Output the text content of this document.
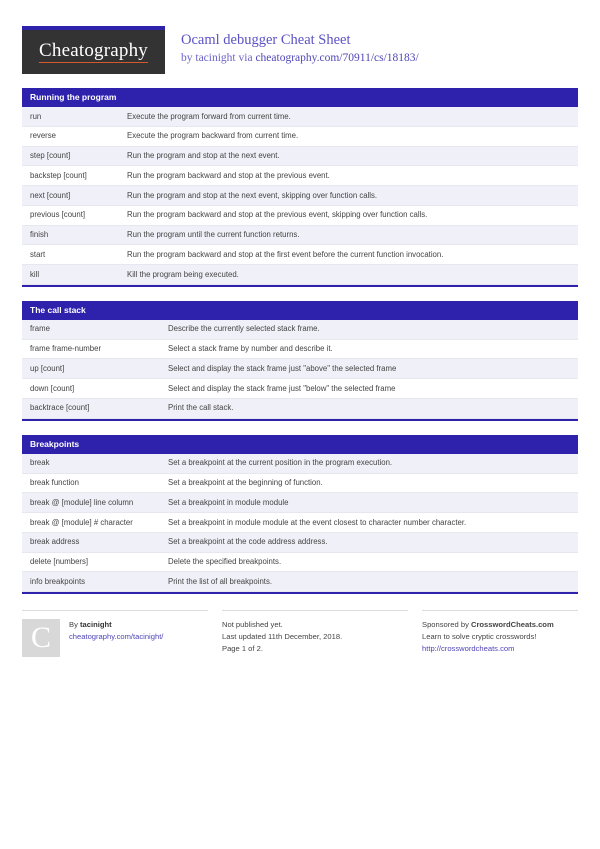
Cheatography Ocaml debugger Cheat Sheet
by tacinight via cheatography.com/70911/cs/18183/
Running the program
run	Execute the program forward from current time.
reverse	Execute the program backward from current time.
step [count]	Run the program and stop at the next event.
backstep [count]	Run the program backward and stop at the previous event.
next [count]	Run the program and stop at the next event, skipping over function calls.
previous [count]	Run the program backward and stop at the previous event, skipping over function calls.
finish	Run the program until the current function returns.
start	Run the program backward and stop at the first event before the current function invocation.
kill	Kill the program being executed.
The call stack
frame	Describe the currently selected stack frame.
frame frame-number	Select a stack frame by number and describe it.
up [count]	Select and display the stack frame just "above" the selected frame
down [count]	Select and display the stack frame just "below" the selected frame
backtrace [count]	Print the call stack.
Breakpoints
break	Set a breakpoint at the current position in the program execution.
break function	Set a breakpoint at the beginning of function.
break @ [module] line column	Set a breakpoint in module module
break @ [module] # character	Set a breakpoint in module module at the event closest to character number character.
break address	Set a breakpoint at the code address address.
delete [numbers]	Delete the specified breakpoints.
info breakpoints	Print the list of all breakpoints.
C	By tacinight
cheatography.com/tacinight/
Not published yet.
Last updated 11th December, 2018.
Page 1 of 2.
Sponsored by CrosswordCheats.com
Learn to solve cryptic crosswords!
http://crosswordcheats.com
